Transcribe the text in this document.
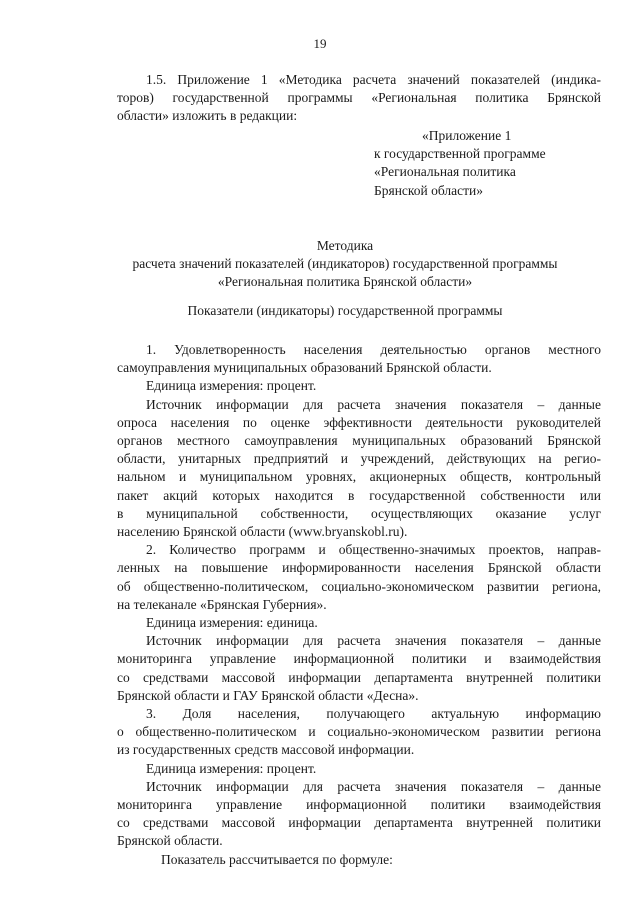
19
1.5. Приложение 1 «Методика расчета значений показателей (индика-
торов) государственной программы «Региональная политика Брянской
области» изложить в редакции:
«Приложение 1
к государственной программе
«Региональная политика
Брянской области»
Методика
расчета значений показателей (индикаторов) государственной программы
«Региональная политика Брянской области»
Показатели (индикаторы) государственной программы
1. Удовлетворенность населения деятельностью органов местного
самоуправления муниципальных образований Брянской области.
Единица измерения: процент.
Источник информации для расчета значения показателя – данные
опроса населения по оценке эффективности деятельности руководителей
органов местного самоуправления муниципальных образований Брянской
области, унитарных предприятий и учреждений, действующих на регио-
нальном и муниципальном уровнях, акционерных обществ, контрольный
пакет акций которых находится в государственной собственности или
в муниципальной собственности, осуществляющих оказание услуг
населению Брянской области (www.bryanskobl.ru).
2. Количество программ и общественно-значимых проектов, направ-
ленных на повышение информированности населения Брянской области
об общественно-политическом, социально-экономическом развитии региона,
на телеканале «Брянская Губерния».
Единица измерения: единица.
Источник информации для расчета значения показателя – данные
мониторинга управление информационной политики и взаимодействия
со средствами массовой информации департамента внутренней политики
Брянской области и ГАУ Брянской области «Десна».
3. Доля населения, получающего актуальную информацию
о общественно-политическом и социально-экономическом развитии региона
из государственных средств массовой информации.
Единица измерения: процент.
Источник информации для расчета значения показателя – данные
мониторинга управление информационной политики взаимодействия
со средствами массовой информации департамента внутренней политики
Брянской области.
Показатель рассчитывается по формуле:
